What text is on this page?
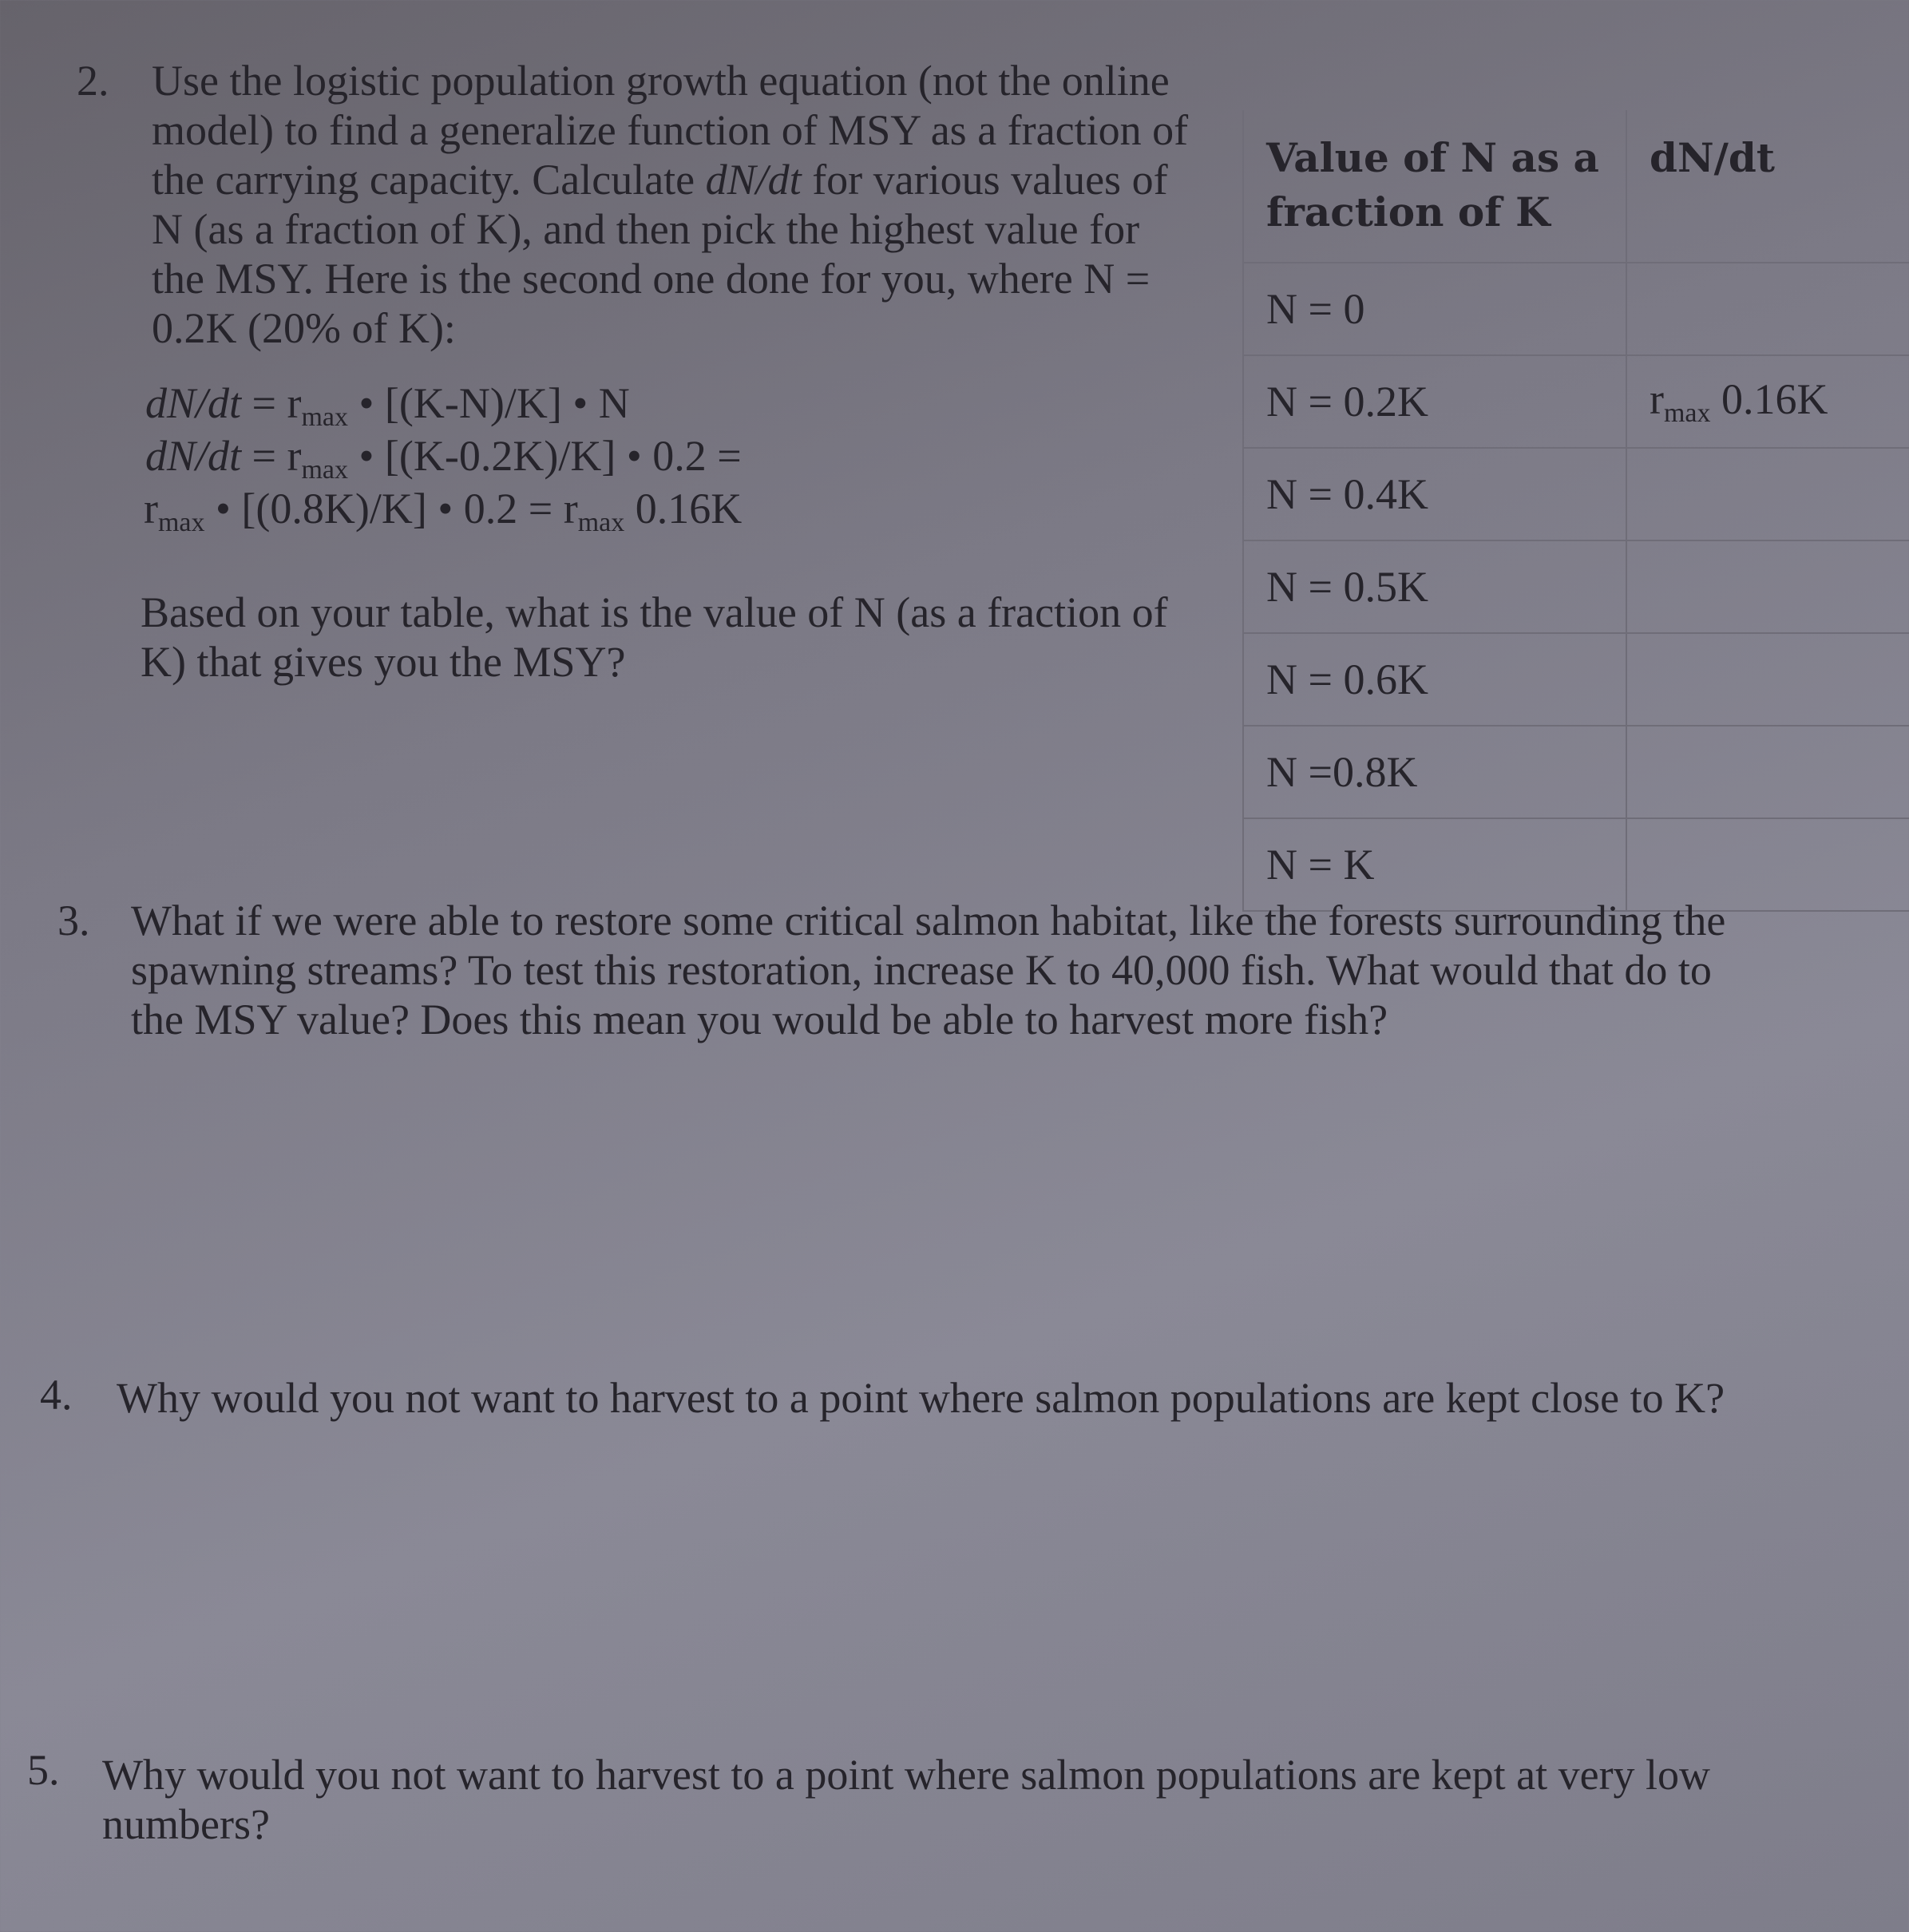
2. Use the logistic population growth equation (not the online
model) to find a generalize function of MSY as a fraction of
the carrying capacity. Calculate dN/dt for various values of
N (as a fraction of K), and then pick the highest value for
the MSY. Here is the second one done for you, where N =
0.2K (20% of K):
$dN/dt = r_{max}$ • [(K-N)/K] • N
$dN/dt = r_{max}$ • [(K-0.2K)/K] • 0.2 =
$r_{max}$ • [(0.8K)/K] • $0.2 = r_{max}$ 0.16K
Based on your table, what is the value of N (as a fraction of
K) that gives you the MSY?
Value of N as a fraction of K	dN/dt
N = 0	
N = 0.2K	$r_{max}$ 0.16K
N = 0.4K	
N = 0.5K	
N = 0.6K	
N =0.8K	
N = K	
3. What if we were able to restore some critical salmon habitat, like the forests surrounding the
spawning streams? To test this restoration, increase K to 40,000 fish. What would that do to
the MSY value? Does this mean you would be able to harvest more fish?
4. Why would you not want to harvest to a point where salmon populations are kept close to K?
5. Why would you not want to harvest to a point where salmon populations are kept at very low
numbers?
